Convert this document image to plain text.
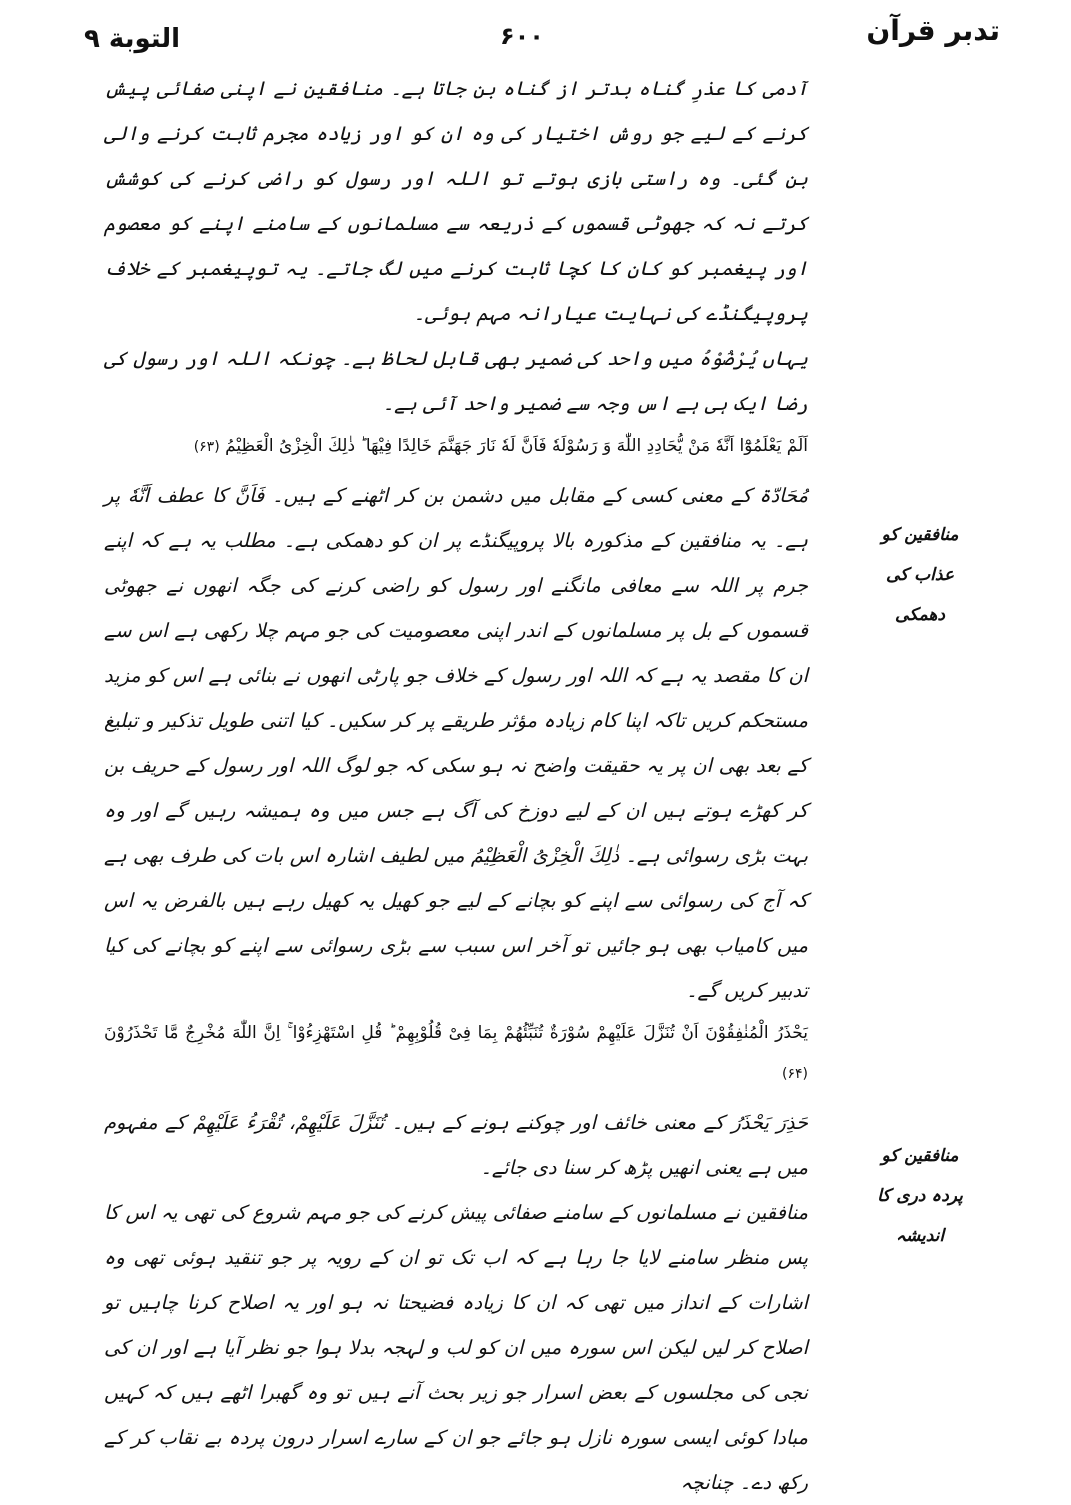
التوبة ۹	۶۰۰	تدبر قرآن

آدمی کا عذرِ گناہ بدتر از گناہ بن جاتا ہے۔ منافقین نے اپنی صفائی پیش کرنے کے لیے جو روش اختیار کی وہ ان کو اور زیادہ مجرم ثابت کرنے والی بن گئی۔ وہ راستی بازی ہوتے تو اللہ اور رسول کو راضی کرنے کی کوشش کرتے نہ کہ جھوٹی قسموں کے ذریعہ سے مسلمانوں کے سامنے اپنے کو معصوم اور پیغمبر کو کان کا کچا ثابت کرنے میں لگ جاتے۔ یہ توپیغمبر کے خلاف پروپیگنڈے کی نہایت عیارانہ مہم ہوئی۔

یہاں یُرْضُوْہُ میں واحد کی ضمیر بھی قابل لحاظ ہے۔ چونکہ اللہ اور رسول کی رضا ایک ہی ہے اس وجہ سے ضمیر واحد آئی ہے۔

اَلَمْ یَعْلَمُوْٓا اَنَّهٗ مَنْ یُّحَادِدِ اللّٰهَ وَ رَسُوْلَهٗ فَاَنَّ لَهٗ نَارَ جَهَنَّمَ خَالِدًا فِیْهَا ؕ ذٰلِكَ الْخِزْیُ الْعَظِیْمُ (۶۳)

مُحَادّۃ کے معنی کسی کے مقابل میں دشمن بن کر اٹھنے کے ہیں۔ فَاَنَّ کا عطف اَنَّهٗ پر ہے۔ یہ منافقین کے مذکورہ بالا پروپیگنڈے پر ان کو دھمکی ہے۔ مطلب یہ ہے کہ اپنے جرم پر اللہ سے معافی مانگنے اور رسول کو راضی کرنے کی جگہ انھوں نے جھوٹی قسموں کے بل پر مسلمانوں کے اندر اپنی معصومیت کی جو مہم چلا رکھی ہے اس سے ان کا مقصد یہ ہے کہ اللہ اور رسول کے خلاف جو پارٹی انھوں نے بنائی ہے اس کو مزید مستحکم کریں تاکہ اپنا کام زیادہ مؤثر طریقے پر کر سکیں۔ کیا اتنی طویل تذکیر و تبلیغ کے بعد بھی ان پر یہ حقیقت واضح نہ ہو سکی کہ جو لوگ اللہ اور رسول کے حریف بن کر کھڑے ہوتے ہیں ان کے لیے دوزخ کی آگ ہے جس میں وہ ہمیشہ رہیں گے اور وہ بہت بڑی رسوائی ہے۔ ذٰلِكَ الْخِزْیُ الْعَظِیْمُ میں لطیف اشارہ اس بات کی طرف بھی ہے کہ آج کی رسوائی سے اپنے کو بچانے کے لیے جو کھیل یہ کھیل رہے ہیں بالفرض یہ اس میں کامیاب بھی ہو جائیں تو آخر اس سبب سے بڑی رسوائی سے اپنے کو بچانے کی کیا تدبیر کریں گے۔

یَحْذَرُ الْمُنٰفِقُوْنَ اَنْ تُنَزَّلَ عَلَیْهِمْ سُوْرَةٌ تُنَبِّئُهُمْ بِمَا فِیْ قُلُوْبِهِمْ ؕ قُلِ اسْتَهْزِءُوْا ۚ اِنَّ اللّٰهَ مُخْرِجٌ مَّا تَحْذَرُوْنَ (۶۴)

حَذِرَ یَحْذَرُ کے معنی خائف اور چوکنے ہونے کے ہیں۔ تُنَزَّلَ عَلَیْهِمْ، تُقْرَءُ عَلَیْهِمْ کے مفہوم میں ہے یعنی انھیں پڑھ کر سنا دی جائے۔

منافقین نے مسلمانوں کے سامنے صفائی پیش کرنے کی جو مہم شروع کی تھی یہ اس کا پس منظر سامنے لایا جا رہا ہے کہ اب تک تو ان کے رویہ پر جو تنقید ہوئی تھی وہ اشارات کے انداز میں تھی کہ ان کا زیادہ فضیحتا نہ ہو اور یہ اصلاح کرنا چاہیں تو اصلاح کر لیں لیکن اس سورہ میں ان کو لب و لہجہ بدلا ہوا جو نظر آیا ہے اور ان کی نجی کی مجلسوں کے بعض اسرار جو زیر بحث آنے ہیں تو وہ گھبرا اٹھے ہیں کہ کہیں مبادا کوئی ایسی سورہ نازل ہو جائے جو ان کے سارے اسرار درون پردہ بے نقاب کر کے رکھ دے۔ چنانچہ

منافقین کو عذاب کی دھمکی
منافقین کو پردہ دری کا اندیشہ
